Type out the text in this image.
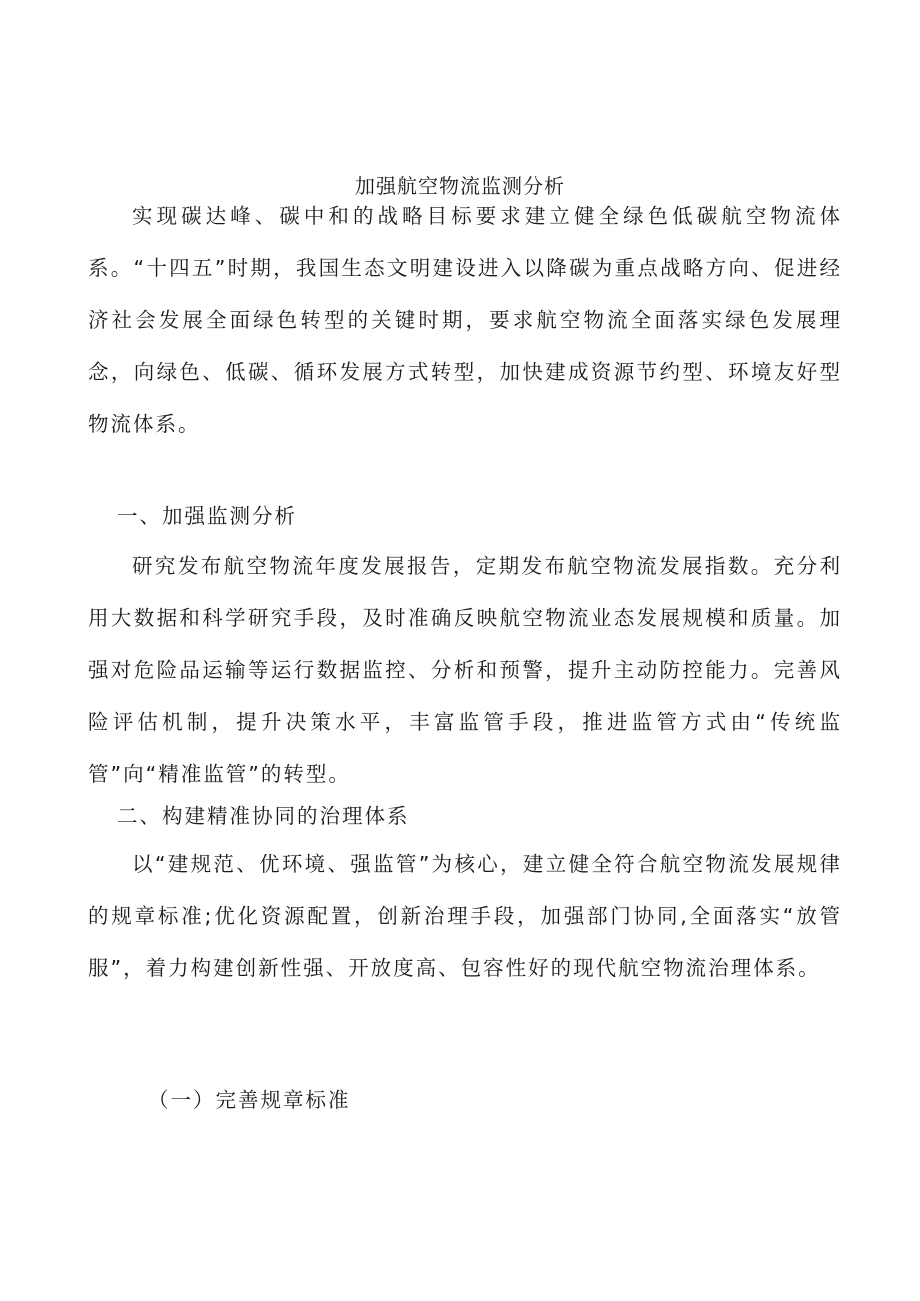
加强航空物流监测分析

实现碳达峰、碳中和的战略目标要求建立健全绿色低碳航空物流体系。“十四五”时期，我国生态文明建设进入以降碳为重点战略方向、促进经济社会发展全面绿色转型的关键时期，要求航空物流全面落实绿色发展理念，向绿色、低碳、循环发展方式转型，加快建成资源节约型、环境友好型物流体系。

一、加强监测分析

研究发布航空物流年度发展报告，定期发布航空物流发展指数。充分利用大数据和科学研究手段，及时准确反映航空物流业态发展规模和质量。加强对危险品运输等运行数据监控、分析和预警，提升主动防控能力。完善风险评估机制，提升决策水平，丰富监管手段，推进监管方式由“传统监管”向“精准监管”的转型。

二、构建精准协同的治理体系

以“建规范、优环境、强监管”为核心，建立健全符合航空物流发展规律的规章标准;优化资源配置，创新治理手段，加强部门协同,全面落实“放管服”，着力构建创新性强、开放度高、包容性好的现代航空物流治理体系。

（一）完善规章标准
